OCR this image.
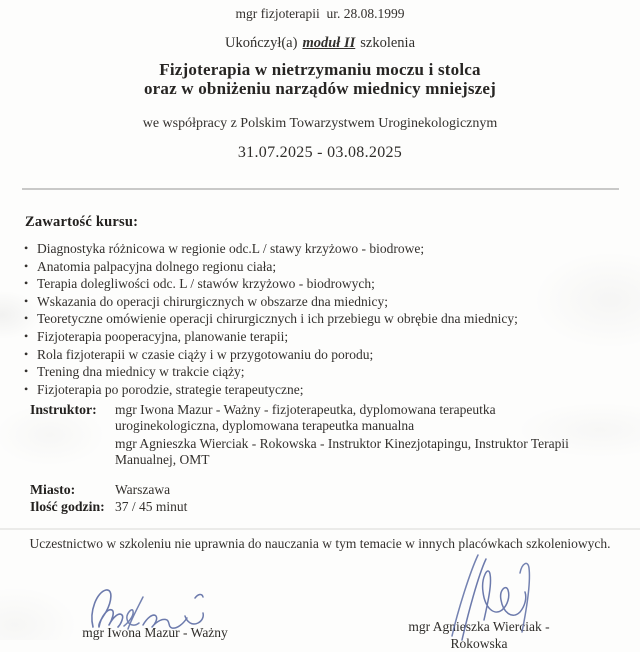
mgr fizjoterapii  ur. 28.08.1999
Ukończył(a) moduł II szkolenia
Fizjoterapia w nietrzymaniu moczu i stolca
oraz w obniżeniu narządów miednicy mniejszej
we współpracy z Polskim Towarzystwem Uroginekologicznym
31.07.2025 - 03.08.2025
Zawartość kursu:
• Diagnostyka różnicowa w regionie odc.L / stawy krzyżowo - biodrowe;
• Anatomia palpacyjna dolnego regionu ciała;
• Terapia dolegliwości odc. L / stawów krzyżowo - biodrowych;
• Wskazania do operacji chirurgicznych w obszarze dna miednicy;
• Teoretyczne omówienie operacji chirurgicznych i ich przebiegu w obrębie dna miednicy;
• Fizjoterapia pooperacyjna, planowanie terapii;
• Rola fizjoterapii w czasie ciąży i w przygotowaniu do porodu;
• Trening dna miednicy w trakcie ciąży;
• Fizjoterapia po porodzie, strategie terapeutyczne;
Instruktor: mgr Iwona Mazur - Ważny - fizjoterapeutka, dyplomowana terapeutka
uroginekologiczna, dyplomowana terapeutka manualna
mgr Agnieszka Wierciak - Rokowska - Instruktor Kinezjotapingu, Instruktor Terapii
Manualnej, OMT
Miasto:	Warszawa
Ilość godzin: 37 / 45 minut
Uczestnictwo w szkoleniu nie uprawnia do nauczania w tym temacie w innych placówkach szkoleniowych.
mgr Iwona Mazur - Ważny	mgr Agnieszka Wierciak -
Rokowska
